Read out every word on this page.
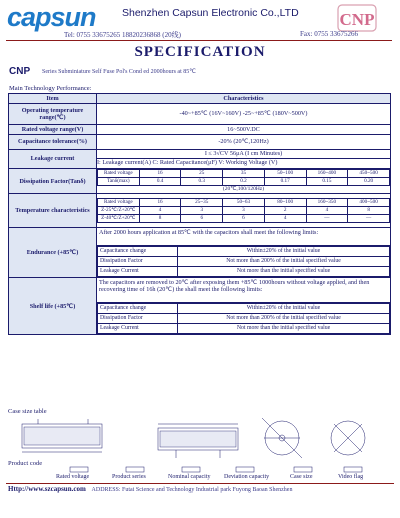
capsun	Shenzhen Capsun Electronic Co.,LTD CNP
Tel: 0755 33675265 18820236868 (20线)	Fax: 0755 33675266
SPECIFICATION
CNP Series Subminiature Self Fuse Pol's Cond ed 2000hours at 85℃
Main Technology Performance:
Item	Characteristics
Operating temperature range(℃)	-40~+85℃ (16V~160V) -25~+85℃ (180V~500V)
Rated voltage range(V)	16~500V.DC
Capacitance tolerance(%)	-20% (20℃,120Hz)
Leakage current	
I ≤ 3√CV 56μA (I cm Minutes)
I: Leakage current(A) C: Rated Capacitance(μF) V: Working Voltage (V)

Dissipation Factor(Tanδ)	
Rated voltage	16	25	35	50~100	160~400	450~500
Tanδ(max)	0.4	0.3	0.2	0.17	0.15	0.20
(20℃,100/120Hz)

Temperature characteristics	
Rated voltage	16	25~35	50~63	80~100	160~350	400~500
Z-25℃/Z+20℃	4	3	3	2	4	8
Z-40℃/Z+20℃	8	6	6	4	—	—

Endurance (+85℃)	
After 2000 hours application at 85℃ with the capacitors shall meet the following limits:
Capacitance change	Within±20% of the initial value
Dissipation Factor	Not more than 200% of the initial specified value
Leakage Current	Not more than the initial specified value

Shelf life (+85℃)	
The capacitors are removed to 20℃ after exposing them +85℃ 1000hours without voltage applied, and then recovering time of 16h (20℃) the shall meet the following limits:
Capacitance change	Within±20% of the initial value
Dissipation Factor	Not more than 200% of the initial specified value
Leakage Current	Not more than the initial specified value
Case size table
Product code
Rated voltage	Product series	Nominal capacity Deviation capacity	Case size	Video flag
Http://www.szcapsun.com ADDRESS: Futai Science and Technology Industrial park Fuyong Baoan Shenzhen
